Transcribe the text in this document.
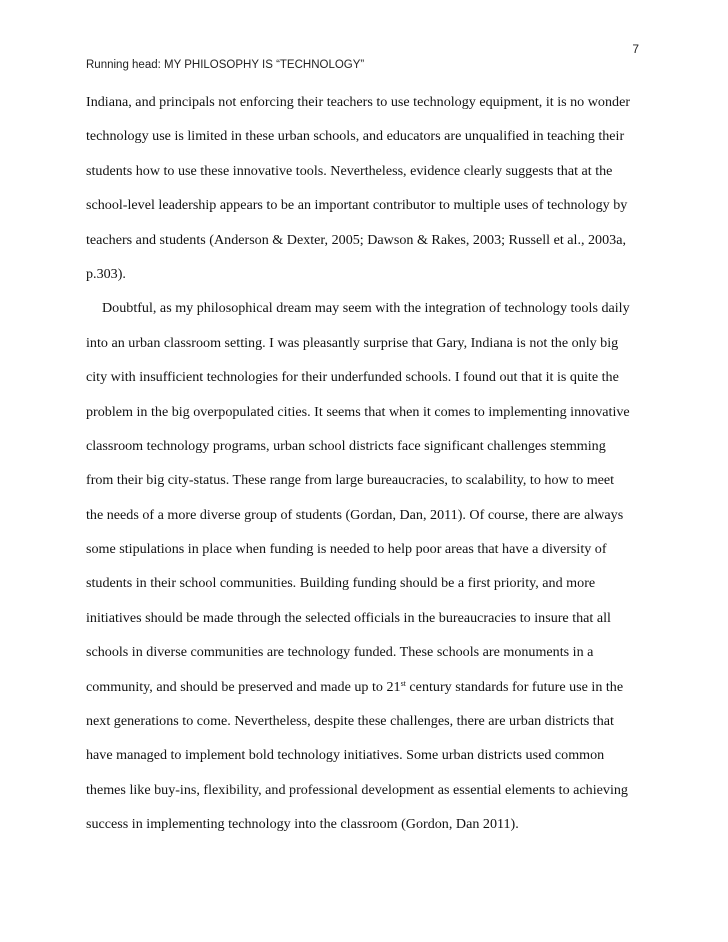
7
Running head: MY PHILOSOPHY IS “TECHNOLOGY”
Indiana, and principals not enforcing their teachers to use technology equipment, it is no wonder
technology use is limited in these urban schools, and educators are unqualified in teaching their
students how to use these innovative tools. Nevertheless, evidence clearly suggests that at the
school-level leadership appears to be an important contributor to multiple uses of technology by
teachers and students (Anderson & Dexter, 2005; Dawson & Rakes, 2003; Russell et al., 2003a,
p.303).
Doubtful, as my philosophical dream may seem with the integration of technology tools daily
into an urban classroom setting. I was pleasantly surprise that Gary, Indiana is not the only big
city with insufficient technologies for their underfunded schools. I found out that it is quite the
problem in the big overpopulated cities. It seems that when it comes to implementing innovative
classroom technology programs, urban school districts face significant challenges stemming
from their big city-status. These range from large bureaucracies, to scalability, to how to meet
the needs of a more diverse group of students (Gordan, Dan, 2011). Of course, there are always
some stipulations in place when funding is needed to help poor areas that have a diversity of
students in their school communities. Building funding should be a first priority, and more
initiatives should be made through the selected officials in the bureaucracies to insure that all
schools in diverse communities are technology funded. These schools are monuments in a
community, and should be preserved and made up to 21st century standards for future use in the
next generations to come. Nevertheless, despite these challenges, there are urban districts that
have managed to implement bold technology initiatives. Some urban districts used common
themes like buy-ins, flexibility, and professional development as essential elements to achieving
success in implementing technology into the classroom (Gordon, Dan 2011).
